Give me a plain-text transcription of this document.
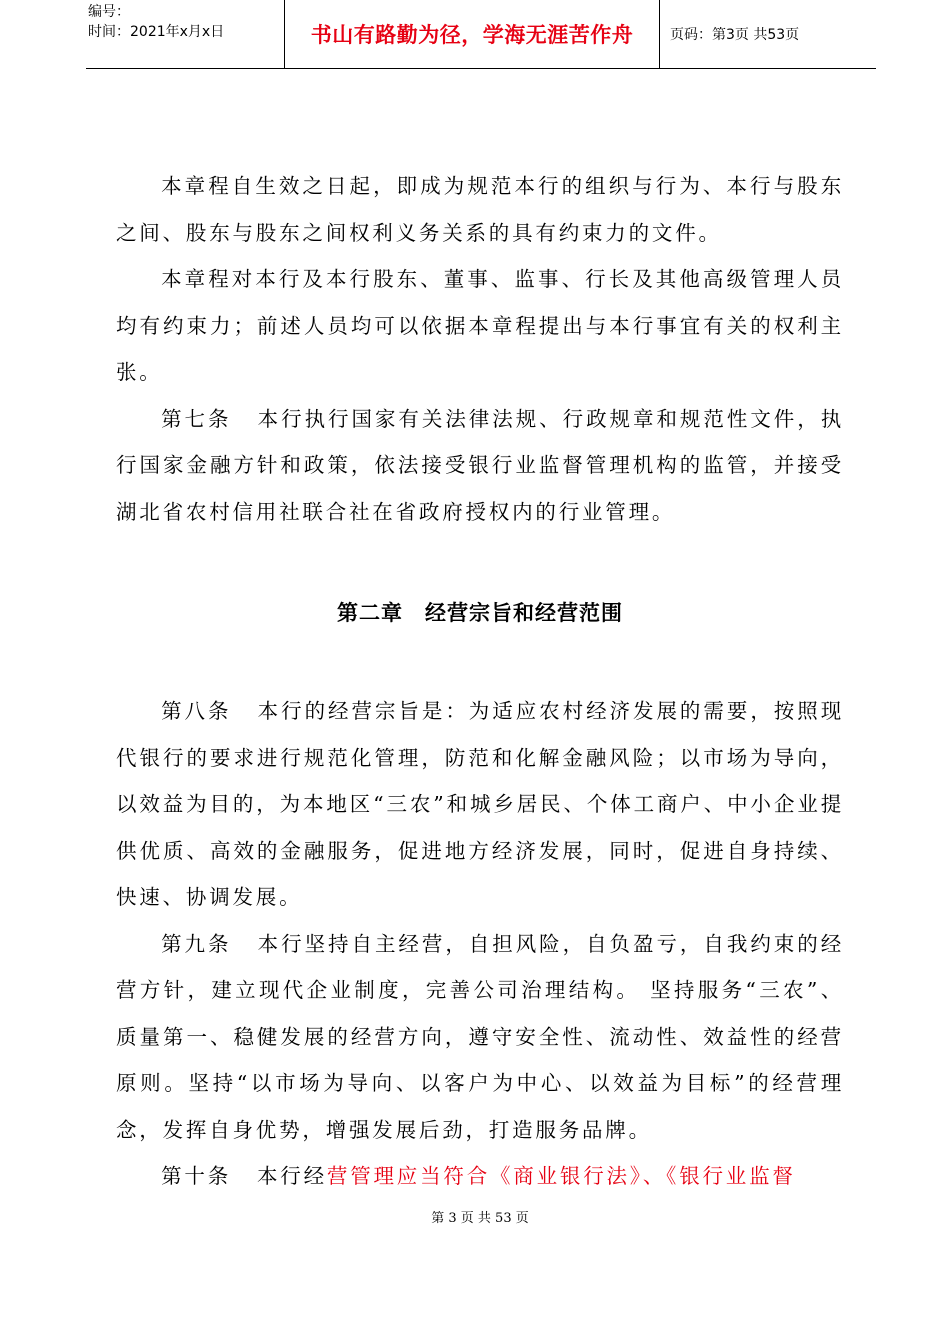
编号：
时间：2021年x月x日	书山有路勤为径，学海无涯苦作舟	页码：第3页 共53页

本章程自生效之日起，即成为规范本行的组织与行为、本行与股东之间、股东与股东之间权利义务关系的具有约束力的文件。

本章程对本行及本行股东、董事、监事、行长及其他高级管理人员均有约束力；前述人员均可以依据本章程提出与本行事宜有关的权利主张。

第七条 本行执行国家有关法律法规、行政规章和规范性文件，执行国家金融方针和政策，依法接受银行业监督管理机构的监管，并接受湖北省农村信用社联合社在省政府授权内的行业管理。

第二章　经营宗旨和经营范围

第八条 本行的经营宗旨是：为适应农村经济发展的需要，按照现代银行的要求进行规范化管理，防范和化解金融风险；以市场为导向，以效益为目的，为本地区“三农”和城乡居民、个体工商户、中小企业提供优质、高效的金融服务，促进地方经济发展，同时，促进自身持续、快速、协调发展。

第九条 本行坚持自主经营，自担风险，自负盈亏，自我约束的经营方针，建立现代企业制度，完善公司治理结构。 坚持服务“三农”、质量第一、稳健发展的经营方向，遵守安全性、流动性、效益性的经营原则。坚持“以市场为导向、以客户为中心、以效益为目标”的经营理念，发挥自身优势，增强发展后劲，打造服务品牌。

第十条 本行经营管理应当符合《商业银行法》、《银行业监督

第 3 页 共 53 页
